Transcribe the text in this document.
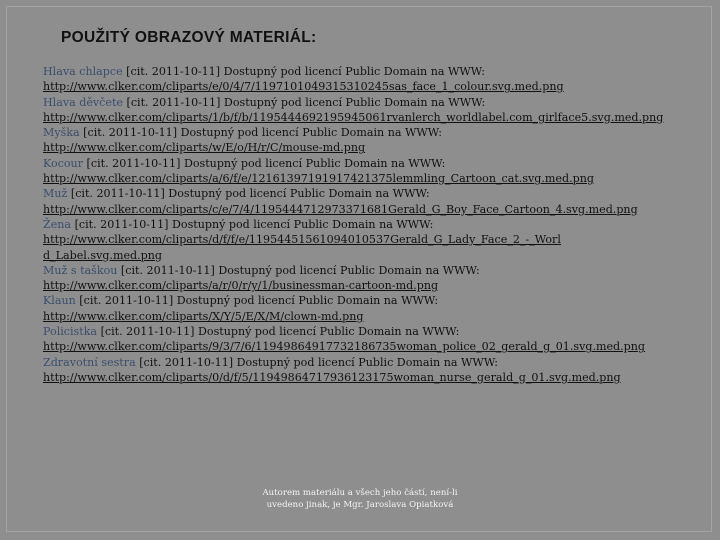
POUŽITÝ OBRAZOVÝ MATERIÁL:
Hlava chlapce [cit. 2011-10-11] Dostupný pod licencí Public Domain na WWW:
http://www.clker.com/cliparts/e/0/4/7/1197101049315310245sas_face_1_colour.svg.med.png
Hlava děvčete [cit. 2011-10-11] Dostupný pod licencí Public Domain na WWW:
http://www.clker.com/cliparts/1/b/f/b/1195444692195945061rvanlerch_worldlabel.com_girlface5.svg.med.png
Myška [cit. 2011-10-11] Dostupný pod licencí Public Domain na WWW:
http://www.clker.com/cliparts/w/E/o/H/r/C/mouse-md.png
Kocour [cit. 2011-10-11] Dostupný pod licencí Public Domain na WWW:
http://www.clker.com/cliparts/a/6/f/e/12161397191917421375lemmling_Cartoon_cat.svg.med.png
Muž [cit. 2011-10-11] Dostupný pod licencí Public Domain na WWW:
http://www.clker.com/cliparts/c/e/7/4/1195444712973371681Gerald_G_Boy_Face_Cartoon_4.svg.med.png
Žena [cit. 2011-10-11] Dostupný pod licencí Public Domain na WWW:
http://www.clker.com/cliparts/d/f/f/e/11954451561094010537Gerald_G_Lady_Face_2_-_World_Label.svg.med.png
Muž s taškou [cit. 2011-10-11] Dostupný pod licencí Public Domain na WWW:
http://www.clker.com/cliparts/a/r/0/r/y/1/businessman-cartoon-md.png
Klaun [cit. 2011-10-11] Dostupný pod licencí Public Domain na WWW:
http://www.clker.com/cliparts/X/Y/5/E/X/M/clown-md.png
Policistka [cit. 2011-10-11] Dostupný pod licencí Public Domain na WWW:
http://www.clker.com/cliparts/9/3/7/6/11949864917732186735woman_police_02_gerald_g_01.svg.med.png
Zdravotní sestra [cit. 2011-10-11] Dostupný pod licencí Public Domain na WWW:
http://www.clker.com/cliparts/0/d/f/5/11949864717936123175woman_nurse_gerald_g_01.svg.med.png
Autorem materiálu a všech jeho částí, není-li
uvedeno jinak, je Mgr. Jaroslava Opiatková
